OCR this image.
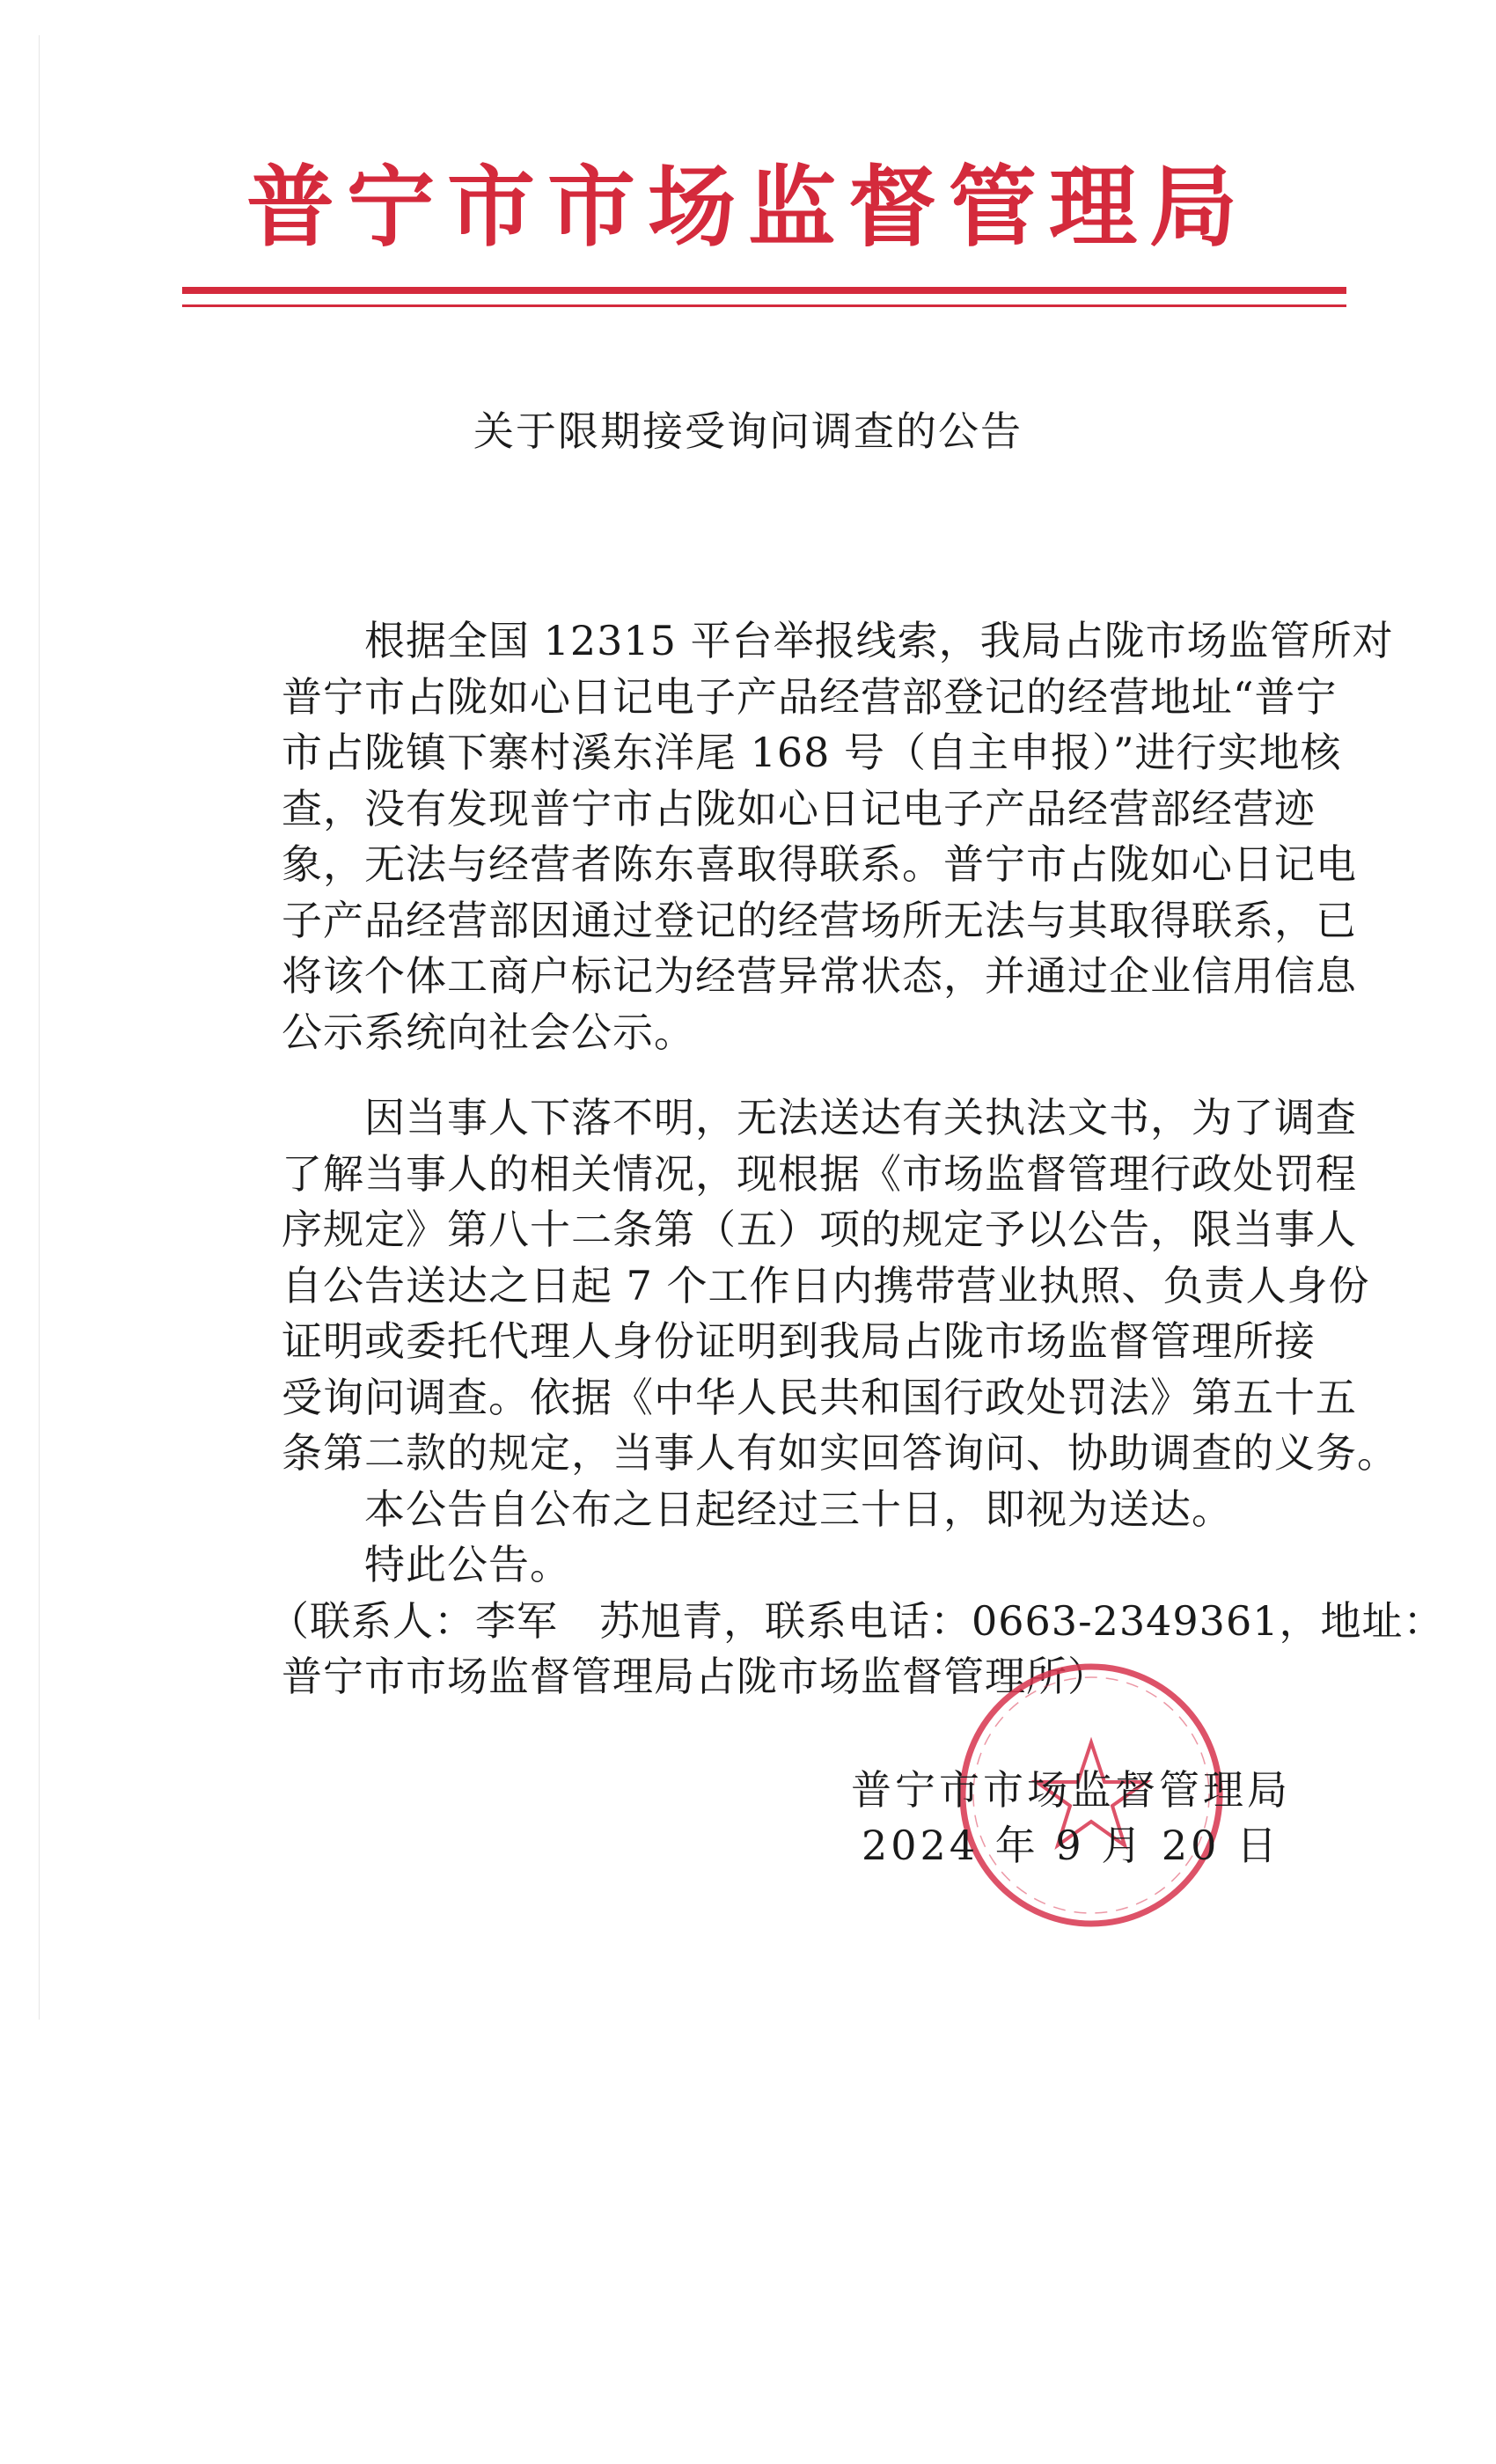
普宁市市场监督管理局
关于限期接受询问调查的公告
根据全国 12315 平台举报线索，我局占陇市场监管所对
普宁市占陇如心日记电子产品经营部登记的经营地址“普宁
市占陇镇下寨村溪东洋尾 168 号（自主申报）”进行实地核
查，没有发现普宁市占陇如心日记电子产品经营部经营迹
象，无法与经营者陈东喜取得联系。普宁市占陇如心日记电
子产品经营部因通过登记的经营场所无法与其取得联系，已
将该个体工商户标记为经营异常状态，并通过企业信用信息
公示系统向社会公示。
因当事人下落不明，无法送达有关执法文书，为了调查
了解当事人的相关情况，现根据《市场监督管理行政处罚程
序规定》第八十二条第（五）项的规定予以公告，限当事人
自公告送达之日起 7 个工作日内携带营业执照、负责人身份
证明或委托代理人身份证明到我局占陇市场监督管理所接
受询问调查。依据《中华人民共和国行政处罚法》第五十五
条第二款的规定，当事人有如实回答询问、协助调查的义务。
本公告自公布之日起经过三十日，即视为送达。
特此公告。
（联系人：李军　苏旭青，联系电话：0663-2349361，地址：
普宁市市场监督管理局占陇市场监督管理所）
普宁市市场监督管理局
2024 年 9 月 20 日
